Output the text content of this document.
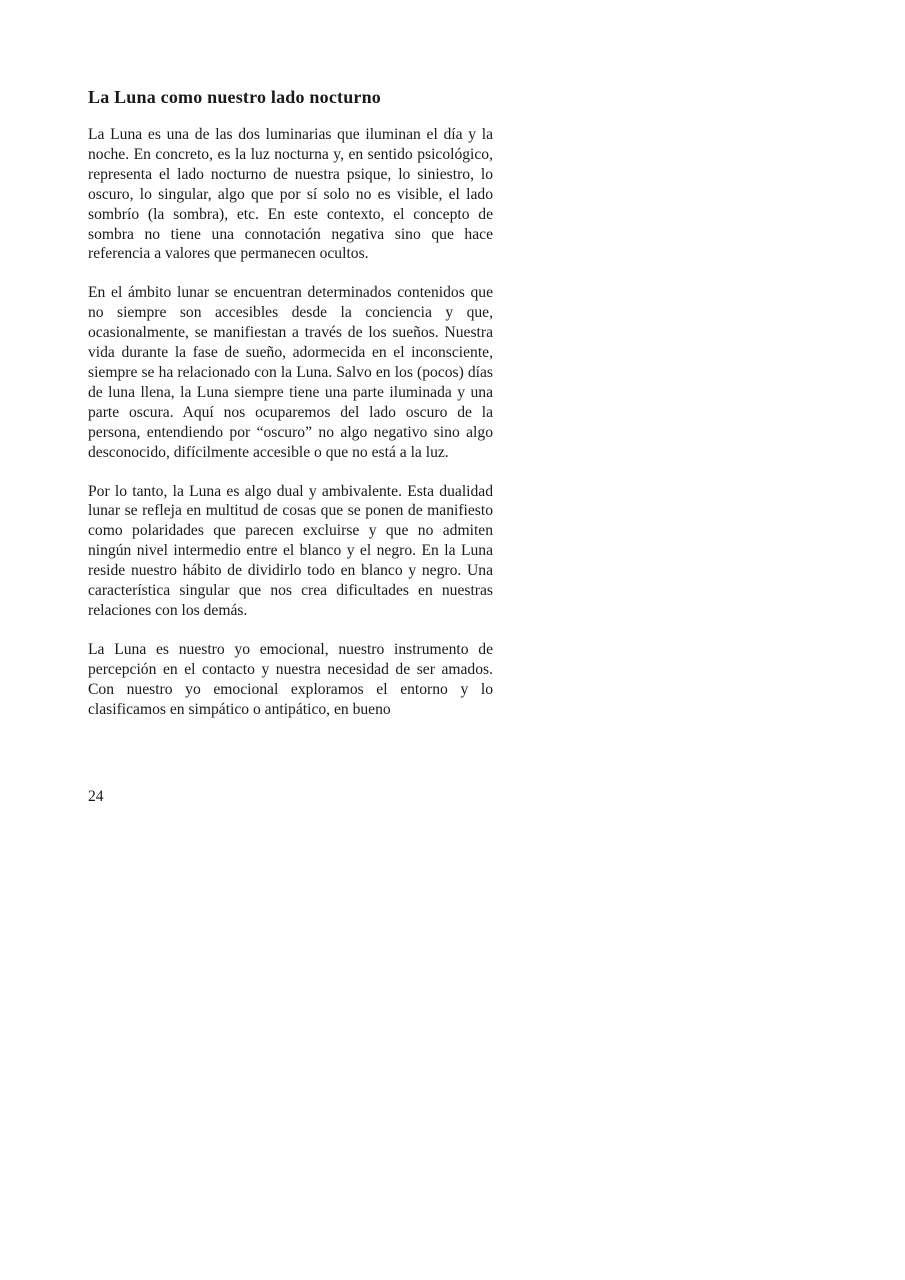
La Luna como nuestro lado nocturno

La Luna es una de las dos luminarias que iluminan el día y la noche. En concreto, es la luz nocturna y, en sentido psicológico, representa el lado nocturno de nuestra psique, lo siniestro, lo oscuro, lo singular, algo que por sí solo no es visible, el lado sombrío (la sombra), etc. En este contexto, el concepto de sombra no tiene una connotación negativa sino que hace referencia a valores que permanecen ocultos.

En el ámbito lunar se encuentran determinados contenidos que no siempre son accesibles desde la conciencia y que, ocasionalmente, se manifiestan a través de los sueños. Nuestra vida durante la fase de sueño, adormecida en el inconsciente, siempre se ha relacionado con la Luna. Salvo en los (pocos) días de luna llena, la Luna siempre tiene una parte iluminada y una parte oscura. Aquí nos ocuparemos del lado oscuro de la persona, entendiendo por “oscuro” no algo negativo sino algo desconocido, difícilmente accesible o que no está a la luz.

Por lo tanto, la Luna es algo dual y ambivalente. Esta dualidad lunar se refleja en multitud de cosas que se ponen de manifiesto como polaridades que parecen excluirse y que no admiten ningún nivel intermedio entre el blanco y el negro. En la Luna reside nuestro hábito de dividirlo todo en blanco y negro. Una característica singular que nos crea dificultades en nuestras relaciones con los demás.

La Luna es nuestro yo emocional, nuestro instrumento de percepción en el contacto y nuestra necesidad de ser amados. Con nuestro yo emocional exploramos el entorno y lo clasificamos en simpático o antipático, en bueno

24
